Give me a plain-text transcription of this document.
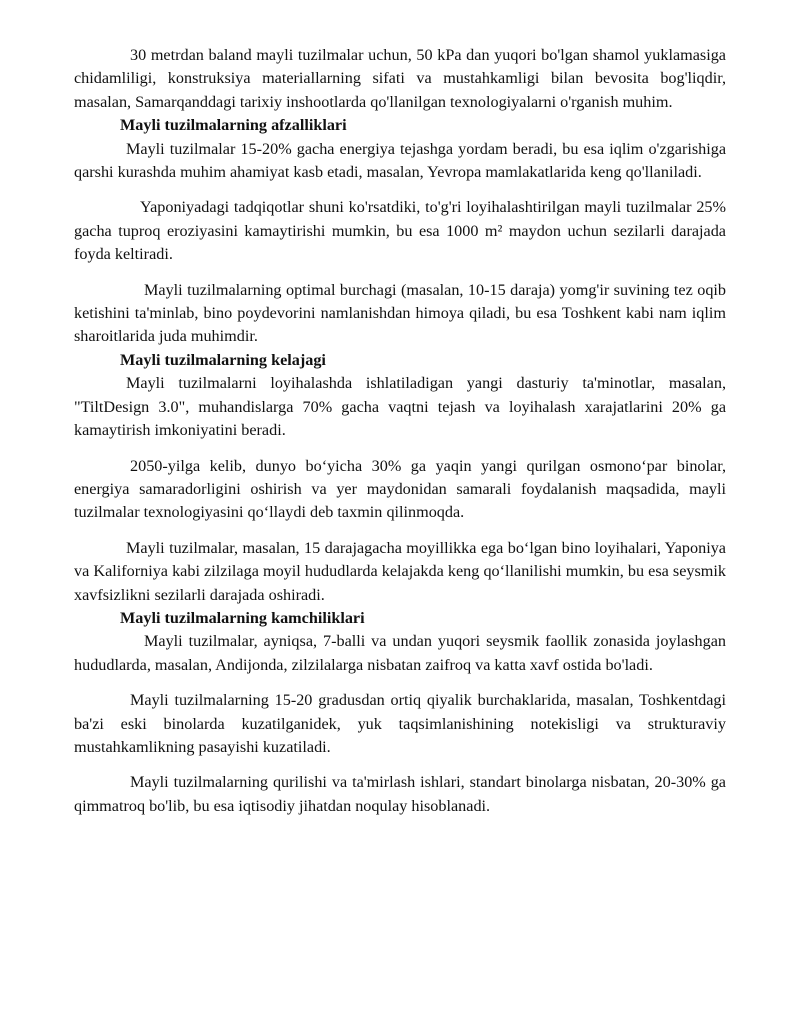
30 metrdan baland mayli tuzilmalar uchun, 50 kPa dan yuqori bo'lgan shamol yuklamasiga chidamliligi, konstruksiya materiallarning sifati va mustahkamligi bilan bevosita bog'liqdir, masalan, Samarqanddagi tarixiy inshootlarda qo'llanilgan texnologiyalarni o'rganish muhim.

Mayli tuzilmalarning afzalliklari

Mayli tuzilmalar 15-20% gacha energiya tejashga yordam beradi, bu esa iqlim o'zgarishiga qarshi kurashda muhim ahamiyat kasb etadi, masalan, Yevropa mamlakatlarida keng qo'llaniladi.

Yaponiyadagi tadqiqotlar shuni ko'rsatdiki, to'g'ri loyihalashtirilgan mayli tuzilmalar 25% gacha tuproq eroziyasini kamaytirishi mumkin, bu esa 1000 m² maydon uchun sezilarli darajada foyda keltiradi.

Mayli tuzilmalarning optimal burchagi (masalan, 10-15 daraja) yomg'ir suvining tez oqib ketishini ta'minlab, bino poydevorini namlanishdan himoya qiladi, bu esa Toshkent kabi nam iqlim sharoitlarida juda muhimdir.

Mayli tuzilmalarning kelajagi

Mayli tuzilmalarni loyihalashda ishlatiladigan yangi dasturiy ta'minotlar, masalan, "TiltDesign 3.0", muhandislarga 70% gacha vaqtni tejash va loyihalash xarajatlarini 20% ga kamaytirish imkoniyatini beradi.

2050-yilga kelib, dunyo bo‘yicha 30% ga yaqin yangi qurilgan osmono‘par binolar, energiya samaradorligini oshirish va yer maydonidan samarali foydalanish maqsadida, mayli tuzilmalar texnologiyasini qo‘llaydi deb taxmin qilinmoqda.

Mayli tuzilmalar, masalan, 15 darajagacha moyillikka ega bo‘lgan bino loyihalari, Yaponiya va Kaliforniya kabi zilzilaga moyil hududlarda kelajakda keng qo‘llanilishi mumkin, bu esa seysmik xavfsizlikni sezilarli darajada oshiradi.

Mayli tuzilmalarning kamchiliklari

Mayli tuzilmalar, ayniqsa, 7-balli va undan yuqori seysmik faollik zonasida joylashgan hududlarda, masalan, Andijonda, zilzilalarga nisbatan zaifroq va katta xavf ostida bo'ladi.

Mayli tuzilmalarning 15-20 gradusdan ortiq qiyalik burchaklarida, masalan, Toshkentdagi ba'zi eski binolarda kuzatilganidek, yuk taqsimlanishining notekisligi va strukturaviy mustahkamlikning pasayishi kuzatiladi.

Mayli tuzilmalarning qurilishi va ta'mirlash ishlari, standart binolarga nisbatan, 20-30% ga qimmatroq bo'lib, bu esa iqtisodiy jihatdan noqulay hisoblanadi.
